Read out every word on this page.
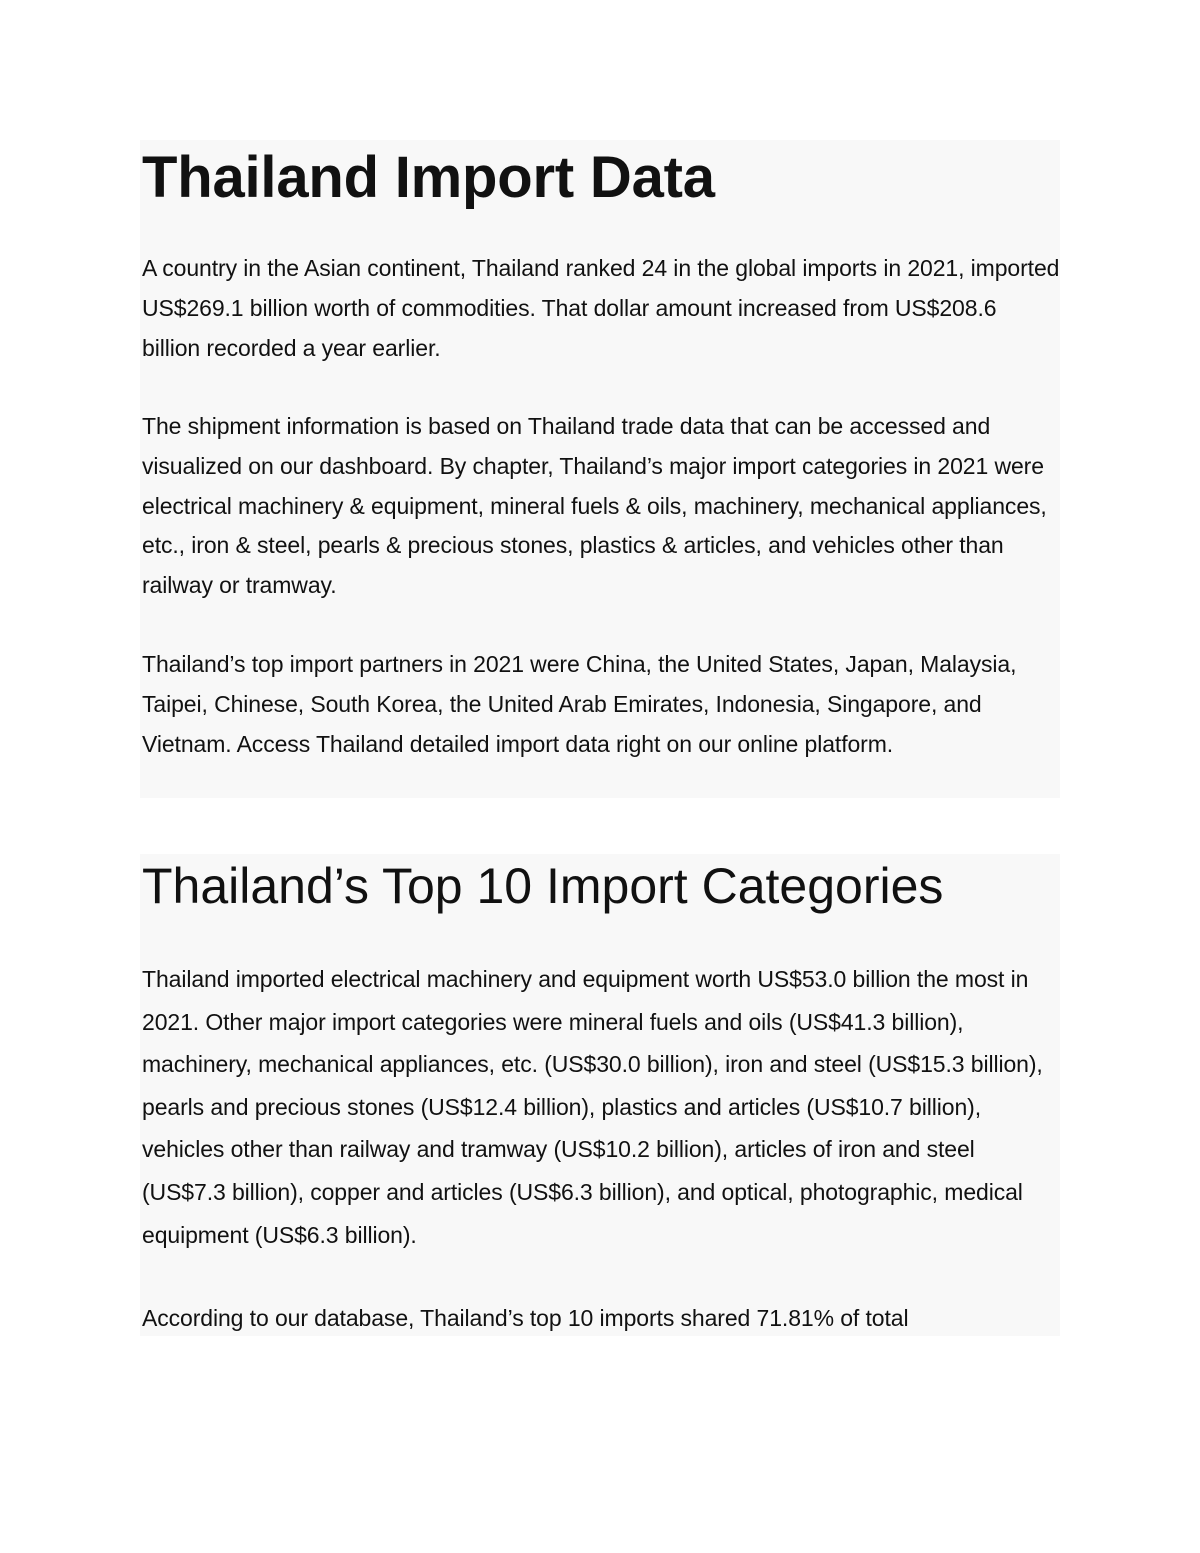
Thailand Import Data

A country in the Asian continent, Thailand ranked 24 in the global imports in 2021, imported US$269.1 billion worth of commodities. That dollar amount increased from US$208.6 billion recorded a year earlier.

The shipment information is based on Thailand trade data that can be accessed and visualized on our dashboard. By chapter, Thailand’s major import categories in 2021 were electrical machinery & equipment, mineral fuels & oils, machinery, mechanical appliances, etc., iron & steel, pearls & precious stones, plastics & articles, and vehicles other than railway or tramway.

Thailand’s top import partners in 2021 were China, the United States, Japan, Malaysia, Taipei, Chinese, South Korea, the United Arab Emirates, Indonesia, Singapore, and Vietnam. Access Thailand detailed import data right on our online platform.

Thailand’s Top 10 Import Categories

Thailand imported electrical machinery and equipment worth US$53.0 billion the most in 2021. Other major import categories were mineral fuels and oils (US$41.3 billion), machinery, mechanical appliances, etc. (US$30.0 billion), iron and steel (US$15.3 billion), pearls and precious stones (US$12.4 billion), plastics and articles (US$10.7 billion), vehicles other than railway and tramway (US$10.2 billion), articles of iron and steel (US$7.3 billion), copper and articles (US$6.3 billion), and optical, photographic, medical equipment (US$6.3 billion).

According to our database, Thailand’s top 10 imports shared 71.81% of total
